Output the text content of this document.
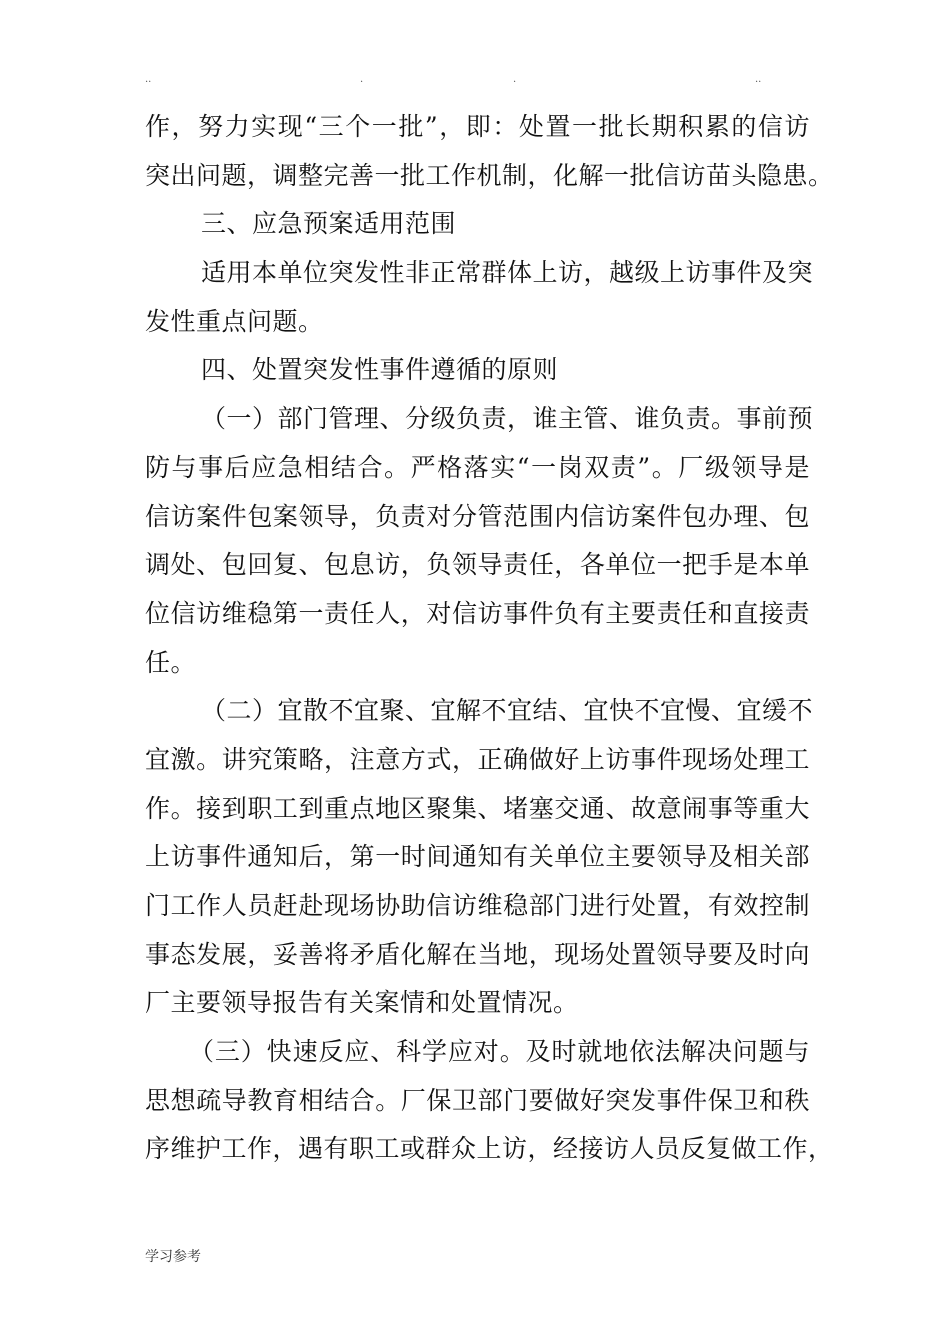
..	.	.	..
作，努力实现“三个一批”，即：处置一批长期积累的信访
突出问题，调整完善一批工作机制，化解一批信访苗头隐患。
三、应急预案适用范围
适用本单位突发性非正常群体上访，越级上访事件及突
发性重点问题。
四、处置突发性事件遵循的原则
（一）部门管理、分级负责，谁主管、谁负责。事前预
防与事后应急相结合。严格落实“一岗双责”。厂级领导是
信访案件包案领导，负责对分管范围内信访案件包办理、包
调处、包回复、包息访，负领导责任，各单位一把手是本单
位信访维稳第一责任人，对信访事件负有主要责任和直接责
任。
（二）宜散不宜聚、宜解不宜结、宜快不宜慢、宜缓不
宜激。讲究策略，注意方式，正确做好上访事件现场处理工
作。接到职工到重点地区聚集、堵塞交通、故意闹事等重大
上访事件通知后，第一时间通知有关单位主要领导及相关部
门工作人员赶赴现场协助信访维稳部门进行处置，有效控制
事态发展，妥善将矛盾化解在当地，现场处置领导要及时向
厂主要领导报告有关案情和处置情况。
（三）快速反应、科学应对。及时就地依法解决问题与
思想疏导教育相结合。厂保卫部门要做好突发事件保卫和秩
序维护工作，遇有职工或群众上访，经接访人员反复做工作，
学习参考
